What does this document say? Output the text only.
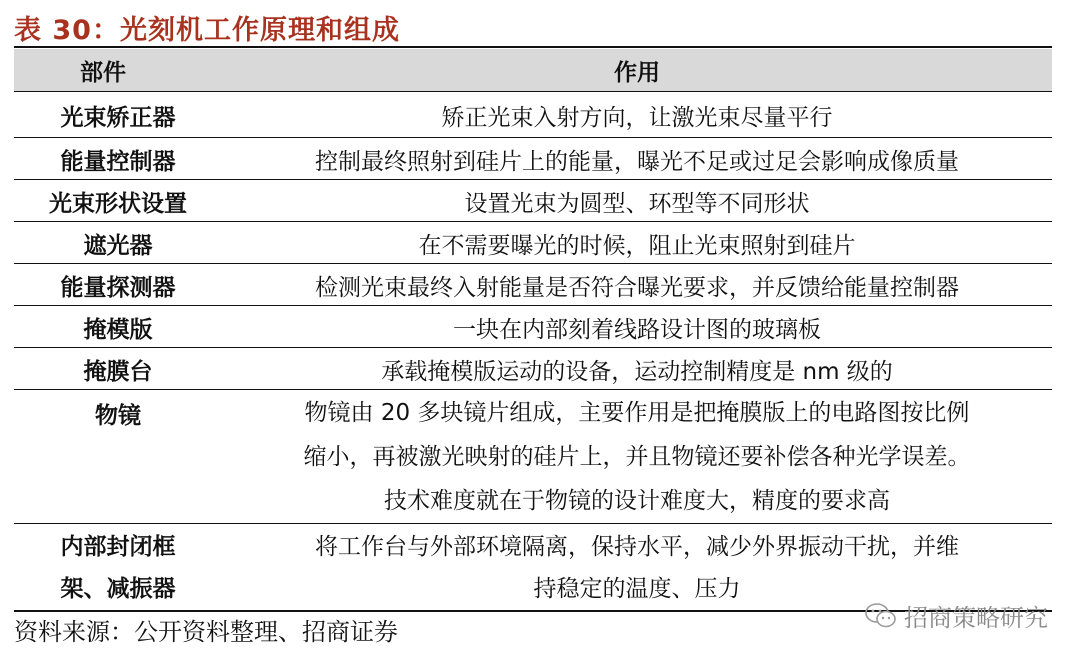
表 30：光刻机工作原理和组成
部件	作用
光束矫正器	矫正光束入射方向，让激光束尽量平行
能量控制器	控制最终照射到硅片上的能量，曝光不足或过足会影响成像质量
光束形状设置	设置光束为圆型、环型等不同形状
遮光器	在不需要曝光的时候，阻止光束照射到硅片
能量探测器	检测光束最终入射能量是否符合曝光要求，并反馈给能量控制器
掩模版	一块在内部刻着线路设计图的玻璃板
掩膜台	承载掩模版运动的设备，运动控制精度是 nm 级的
物镜	物镜由 20 多块镜片组成，主要作用是把掩膜版上的电路图按比例
缩小，再被激光映射的硅片上，并且物镜还要补偿各种光学误差。
技术难度就在于物镜的设计难度大，精度的要求高

内部封闭框
架、减振器	将工作台与外部环境隔离，保持水平，减少外界振动干扰，并维
持稳定的温度、压力
资料来源：公开资料整理、招商证券	招商策略研究
